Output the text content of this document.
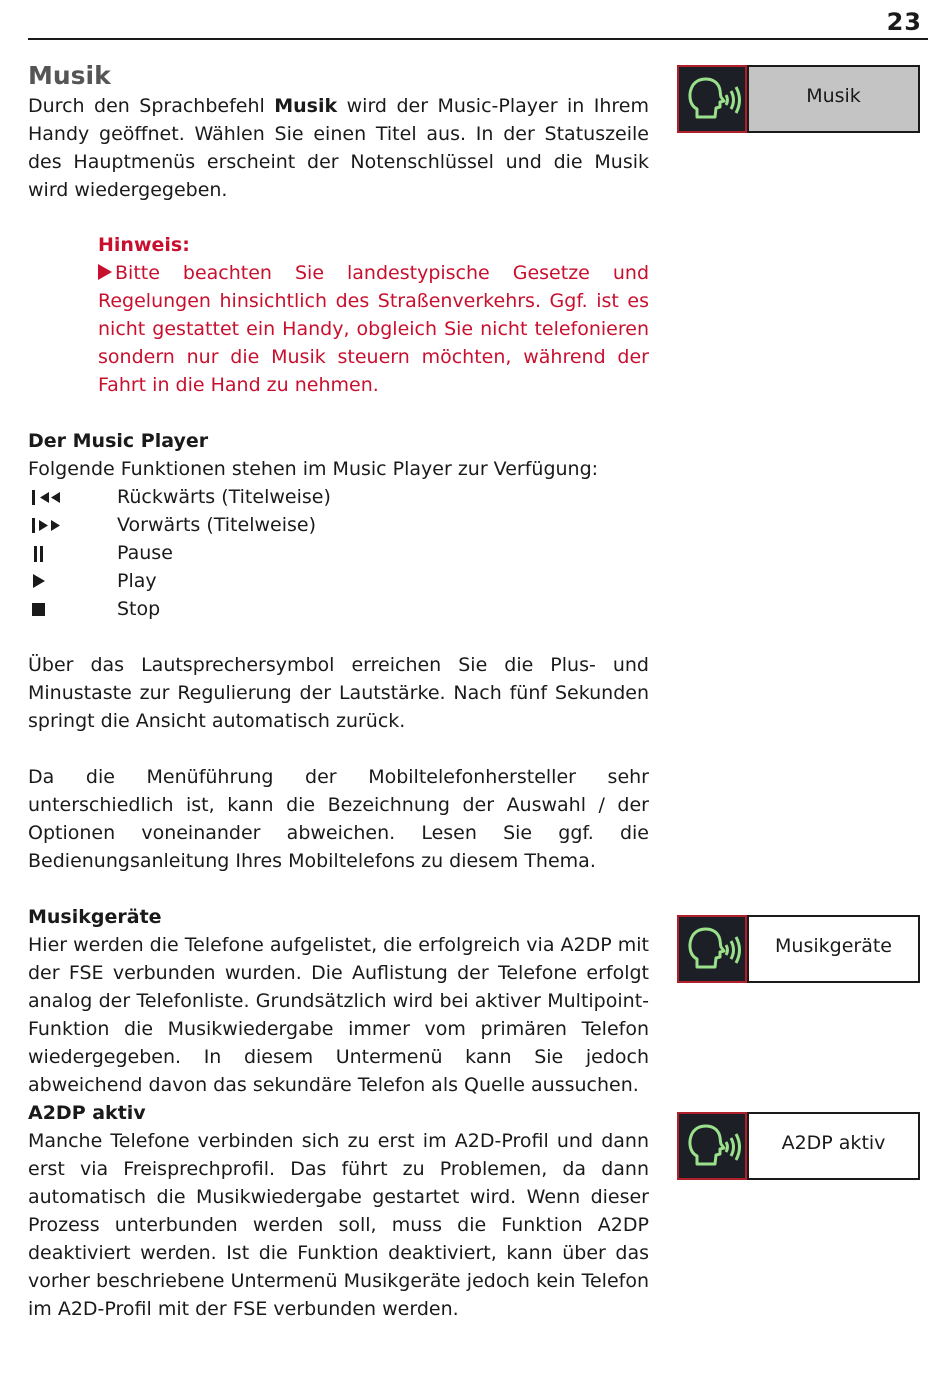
23
Musik
Durch den Sprachbefehl Musik wird der Music-Player in Ihrem Handy geöffnet. Wählen Sie einen Titel aus. In der Statuszeile des Hauptmenüs erscheint der Notenschlüssel und die Musik wird wiedergegeben.
Hinweis:
Bitte beachten Sie landestypische Gesetze und Regelungen hinsichtlich des Straßenverkehrs. Ggf. ist es nicht gestattet ein Handy, obgleich Sie nicht telefonieren sondern nur die Musik steuern möchten, während der Fahrt in die Hand zu nehmen.
Der Music Player
Folgende Funktionen stehen im Music Player zur Verfügung:
Rückwärts (Titelweise)
Vorwärts (Titelweise)
Pause
Play
Stop
Über das Lautsprechersymbol erreichen Sie die Plus- und Minustaste zur Regulierung der Lautstärke. Nach fünf Sekunden springt die Ansicht automatisch zurück.
Da die Menüführung der Mobiltelefonhersteller sehr unterschiedlich ist, kann die Bezeichnung der Auswahl / der Optionen voneinander abweichen. Lesen Sie ggf. die Bedienungsanleitung Ihres Mobiltelefons zu diesem Thema.
Musikgeräte
Hier werden die Telefone aufgelistet, die erfolgreich via A2DP mit der FSE verbunden wurden. Die Auflistung der Telefone erfolgt analog der Telefonliste. Grundsätzlich wird bei aktiver Multipoint-Funktion die Musikwiedergabe immer vom primären Telefon wiedergegeben. In diesem Untermenü kann Sie jedoch abweichend davon das sekundäre Telefon als Quelle aussuchen.
A2DP aktiv
Manche Telefone verbinden sich zu erst im A2D-Profil und dann erst via Freisprechprofil. Das führt zu Problemen, da dann automatisch die Musikwiedergabe gestartet wird. Wenn dieser Prozess unterbunden werden soll, muss die Funktion A2DP deaktiviert werden. Ist die Funktion deaktiviert, kann über das vorher beschriebene Untermenü Musikgeräte jedoch kein Telefon im A2D-Profil mit der FSE verbunden werden.
Musik
Musikgeräte
A2DP aktiv
